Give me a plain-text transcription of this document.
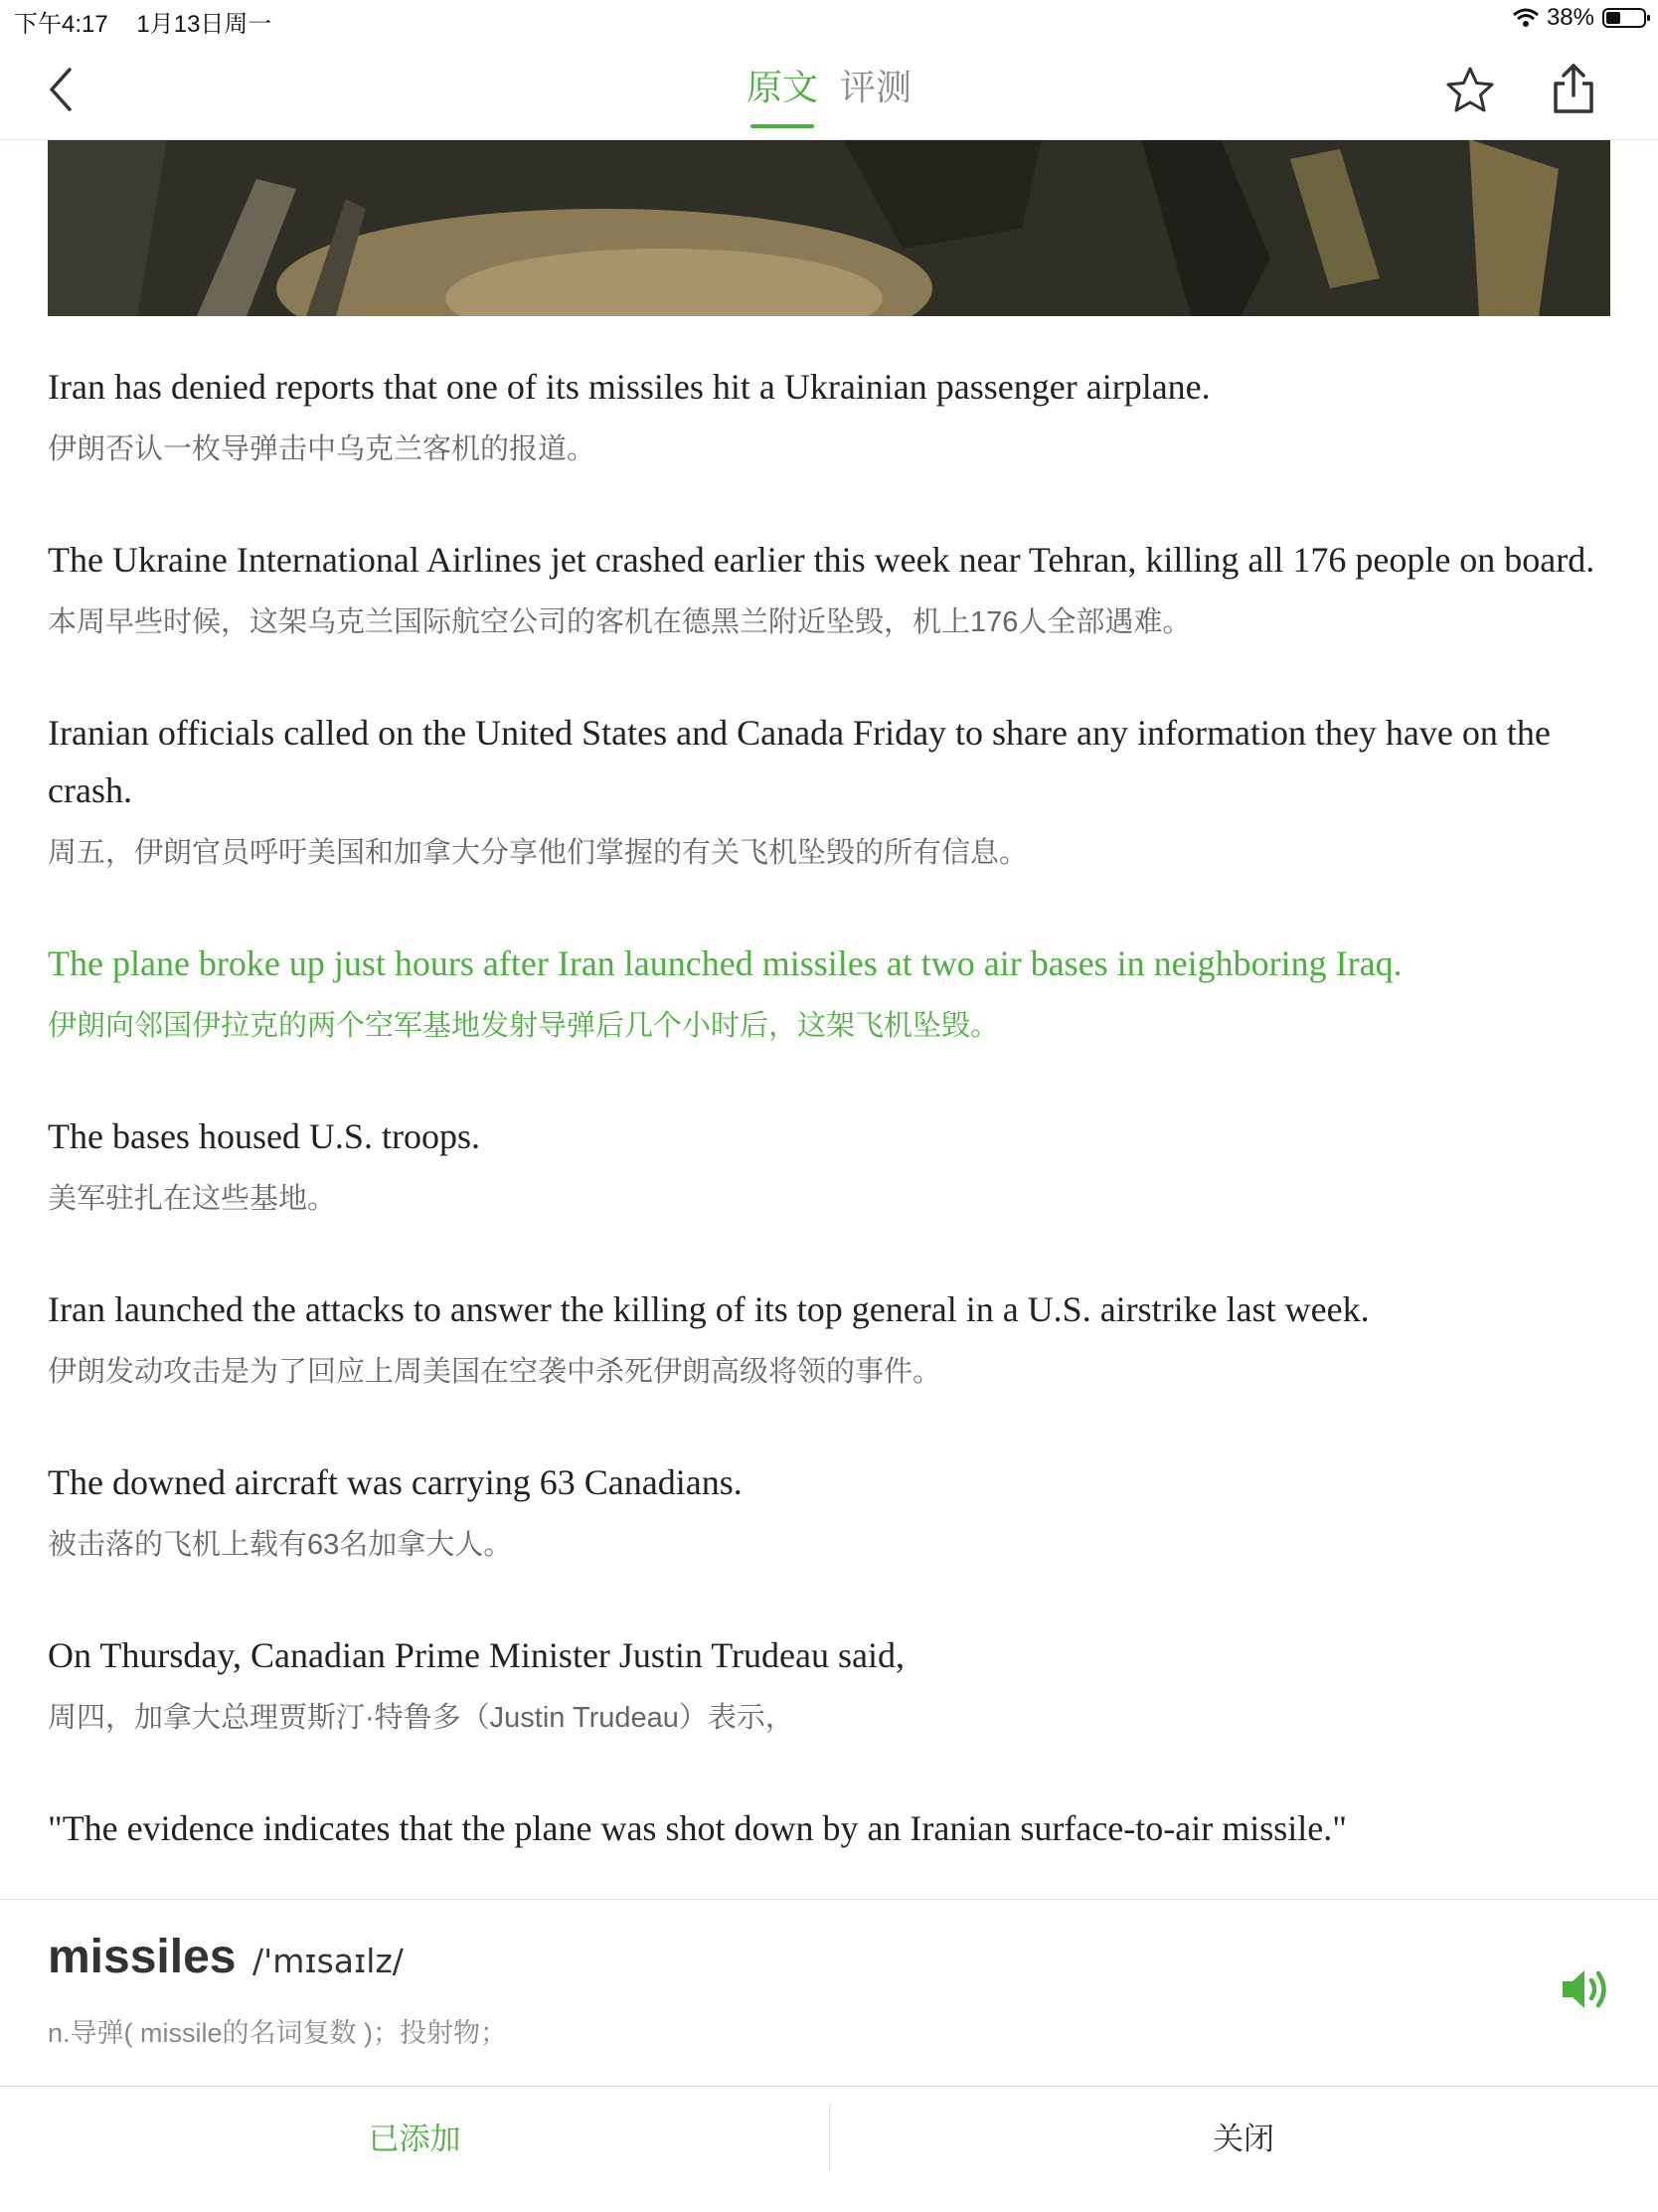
下午4:17 1月13日周一	38%
原文 评测
Iran has denied reports that one of its missiles hit a Ukrainian passenger airplane.
伊朗否认一枚导弹击中乌克兰客机的报道。
The Ukraine International Airlines jet crashed earlier this week near Tehran, killing all 176 people on board.
本周早些时候，这架乌克兰国际航空公司的客机在德黑兰附近坠毁，机上176人全部遇难。
Iranian officials called on the United States and Canada Friday to share any information they have on the crash.
周五，伊朗官员呼吁美国和加拿大分享他们掌握的有关飞机坠毁的所有信息。
The plane broke up just hours after Iran launched missiles at two air bases in neighboring Iraq.
伊朗向邻国伊拉克的两个空军基地发射导弹后几个小时后，这架飞机坠毁。
The bases housed U.S. troops.
美军驻扎在这些基地。
Iran launched the attacks to answer the killing of its top general in a U.S. airstrike last week.
伊朗发动攻击是为了回应上周美国在空袭中杀死伊朗高级将领的事件。
The downed aircraft was carrying 63 Canadians.
被击落的飞机上载有63名加拿大人。
On Thursday, Canadian Prime Minister Justin Trudeau said,
周四，加拿大总理贾斯汀·特鲁多（Justin Trudeau）表示，
"The evidence indicates that the plane was shot down by an Iranian surface-to-air missile."
missiles /'mɪsaɪlz/
n.导弹( missile的名词复数 )；投射物；
已添加	关闭
